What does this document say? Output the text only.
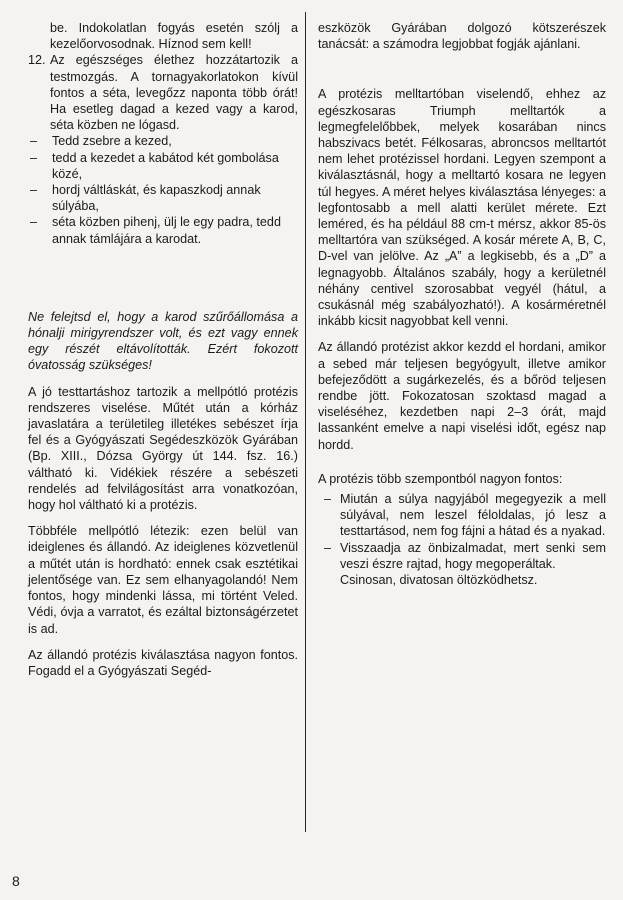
be. Indokolatlan fogyás esetén szólj a kezelőorvosodnak. Híznod sem kell!

12. Az egészséges élethez hozzátartozik a testmozgás. A tornagyakorlatokon kívül fontos a séta, levegőzz naponta több órát! Ha esetleg dagad a kezed vagy a karod, séta közben ne lógasd.
–	Tedd zsebre a kezed,
–	tedd a kezedet a kabátod két gombolása közé,
–	hordj váltláskát, és kapaszkodj annak súlyába,
–	séta közben pihenj, ülj le egy padra, tedd annak támlájára a karodat.

Ne felejtsd el, hogy a karod szűrőállomása a hónalji mirigyrendszer volt, és ezt vagy ennek egy részét eltávolították. Ezért fokozott óvatosság szükséges!

A jó testtartáshoz tartozik a mellpótló protézis rendszeres viselése. Műtét után a kórház javaslatára a területileg illetékes sebészet írja fel és a Gyógyászati Segédeszközök Gyárában (Bp. XIII., Dózsa György út 144. fsz. 16.) váltható ki. Vidékiek részére a sebészeti rendelés ad felvilágosítást arra vonatkozóan, hogy hol váltható ki a protézis.

Többféle mellpótló létezik: ezen belül van ideiglenes és állandó. Az ideiglenes közvetlenül a műtét után is hordható: ennek csak esztétikai jelentősége van. Ez sem elhanyagolandó! Nem fontos, hogy mindenki lássa, mi történt Veled. Védi, óvja a varratot, és ezáltal biztonságérzetet is ad.

Az állandó protézis kiválasztása nagyon fontos. Fogadd el a Gyógyászati Segéd-

eszközök Gyárában dolgozó kötszerészek tanácsát: a számodra legjobbat fogják ajánlani.

A protézis melltartóban viselendő, ehhez az egészkosaras Triumph melltartók a legmegfelelőbbek, melyek kosarában nincs habszivacs betét. Félkosaras, abroncsos melltartót nem lehet protézissel hordani. Legyen szempont a kiválasztásnál, hogy a melltartó kosara ne legyen túl hegyes. A méret helyes kiválasztása lényeges: a legfontosabb a mell alatti kerület mérete. Ezt leméred, és ha például 88 cm-t mérsz, akkor 85-ös melltartóra van szükséged. A kosár mérete A, B, C, D-vel van jelölve. Az „A” a legkisebb, és a „D” a legnagyobb. Általános szabály, hogy a kerületnél néhány centivel szorosabbat vegyél (hátul, a csukásnál még szabályozható!). A kosárméretnél inkább kicsit nagyobbat kell venni.

Az állandó protézist akkor kezdd el hordani, amikor a sebed már teljesen begyógyult, illetve amikor befejeződött a sugárkezelés, és a bőröd teljesen rendbe jött. Fokozatosan szoktasd magad a viseléséhez, kezdetben napi 2–3 órát, majd lassanként emelve a napi viselési időt, egész nap hordd.

A protézis több szempontból nagyon fontos:

– Miután a súlya nagyjából megegyezik a mell súlyával, nem leszel féloldalas, jó lesz a testtartásod, nem fog fájni a hátad és a nyakad.
– Visszaadja az önbizalmadat, mert senki sem veszi észre rajtad, hogy megoperáltak.

Csinosan, divatosan öltözködhetsz.

8
